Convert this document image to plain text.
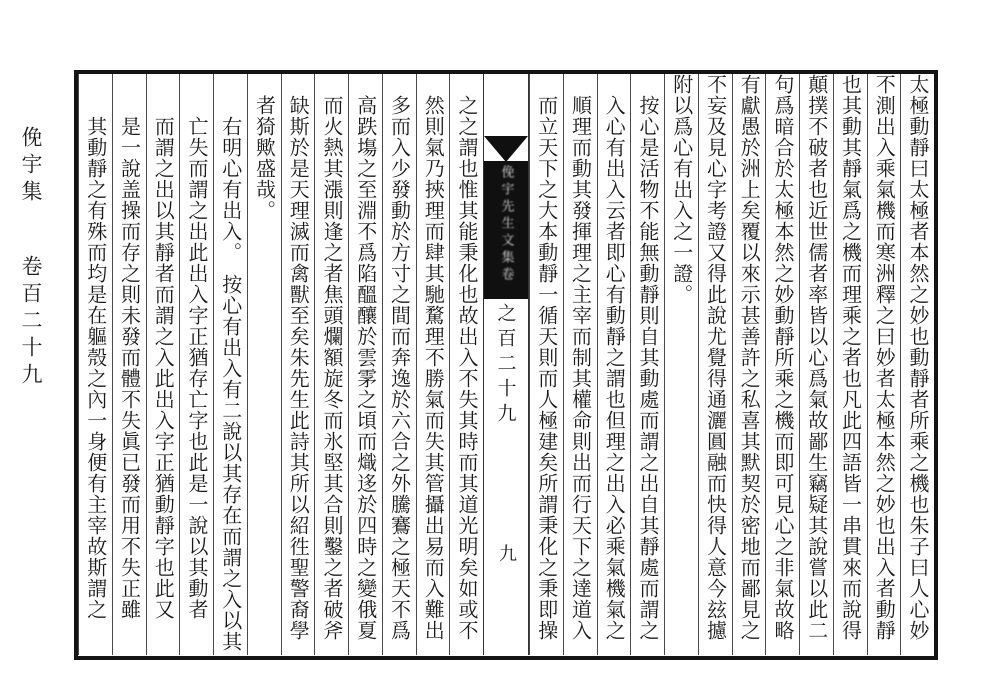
俛宇集 卷百二十九	太極動靜曰太極者本然之妙也動靜者所乘之機也朱子曰人心妙
不測出入乘氣機而寒洲釋之曰妙者太極本然之妙也出入者動靜
也其動其靜氣爲之機而理乘之者也凡此四語皆一串貫來而說得
顛撲不破者也近世儒者率皆以心爲氣故鄙生竊疑其說嘗以此二
句爲暗合於太極本然之妙動靜所乘之機而即可見心之非氣故略
有獻愚於洲上矣覆以來示甚善許之私喜其默契於密地而鄙見之
不妄及見心字考證又得此說尤覺得通灑圓融而快得人意今玆攄
附以爲心有出入之一證。
按心是活物不能無動靜則自其動處而謂之出自其靜處而謂之
入心有出入云者即心有動靜之謂也但理之出入必乘氣機氣之
順理而動其發揮理之主宰而制其權命則出而行天下之達道入
而立天下之大本動靜一循天則而人極建矣所謂秉化之秉即操
俛宇先生文集卷
之百二十九
九
之之謂也惟其能秉化也故出入不失其時而其道光明矣如或不
然則氣乃挾理而肆其馳騖理不勝氣而失其管攝出易而入難出
多而入少發動於方寸之間而奔逸於六合之外騰鶱之極天不爲
高跌塲之至淵不爲陷醞釀於雲雺之頃而熾迻於四時之變俄夏
而火熱其漲則逢之者焦頭爛額旋冬而氷堅其合則鑿之者破斧
缺斯於是天理滅而禽獸至矣朱先生此詩其所以紹徃聖警裔學
者猗歟盛哉。
右明心有出入。　按心有出入有二說以其存在而謂之入以其
亡失而謂之出此出入字正猶存亡字也此是一說以其動者
而謂之出以其靜者而謂之入此出入字正猶動靜字也此又
是一說盖操而存之則未發而體不失眞已發而用不失正雖
其動靜之有殊而均是在軀殼之內一身便有主宰故斯謂之
